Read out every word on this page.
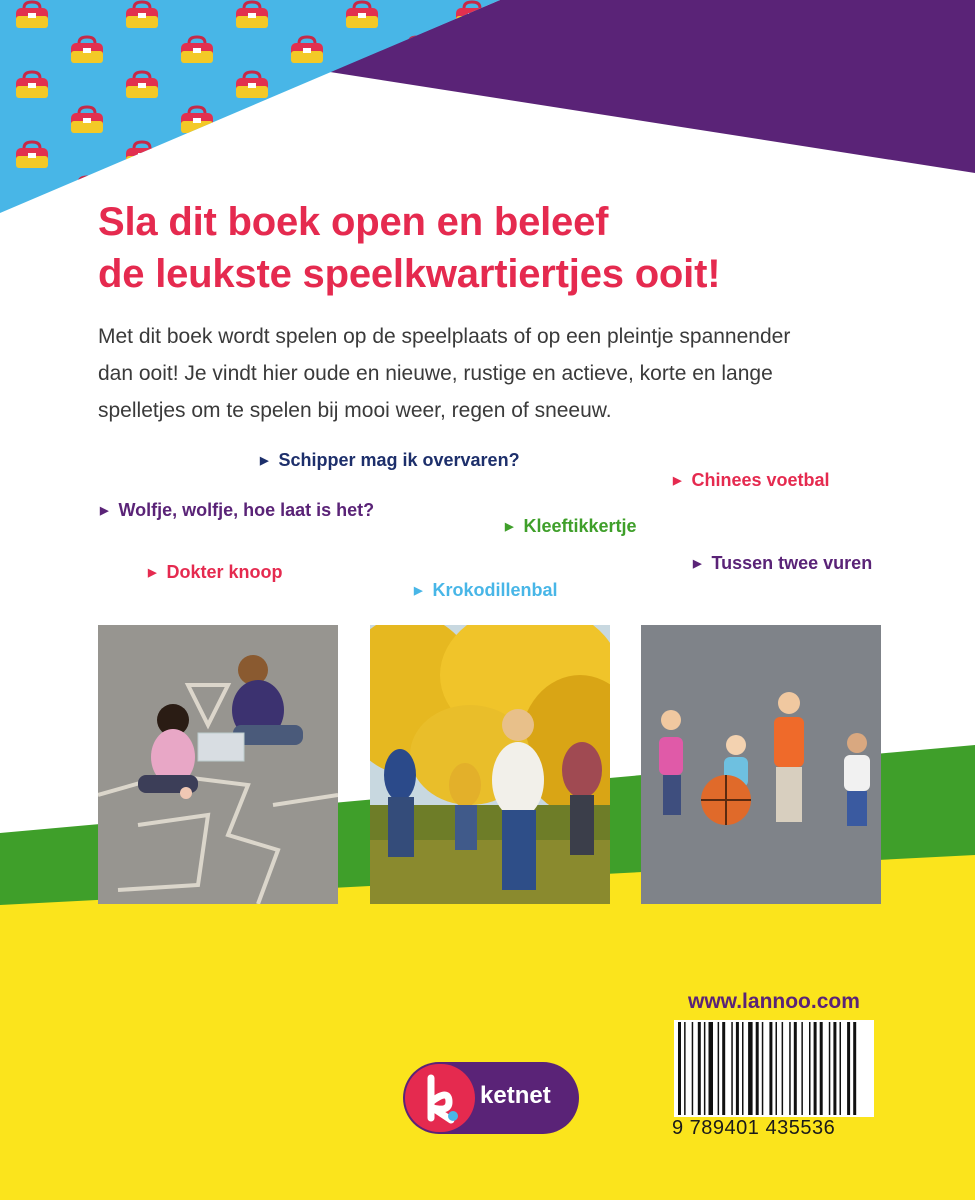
Sla dit boek open en beleef
de leukste speelkwartiertjes ooit!

Met dit boek wordt spelen op de speelplaats of op een pleintje spannender
dan ooit! Je vindt hier oude en nieuwe, rustige en actieve, korte en lange
spelletjes om te spelen bij mooi weer, regen of sneeuw.

▶ Schipper mag ik overvaren?
▶ Chinees voetbal
▶ Wolfje, wolfje, hoe laat is het?
▶ Kleeftikkertje
▶ Tussen twee vuren
▶ Dokter knoop
▶ Krokodillenbal
ketnet
www.lannoo.com
9 789401 435536
